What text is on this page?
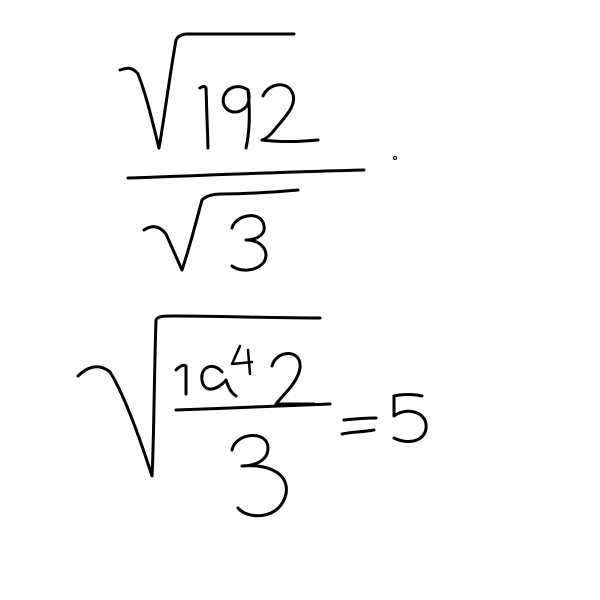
192
3
192
3
5
